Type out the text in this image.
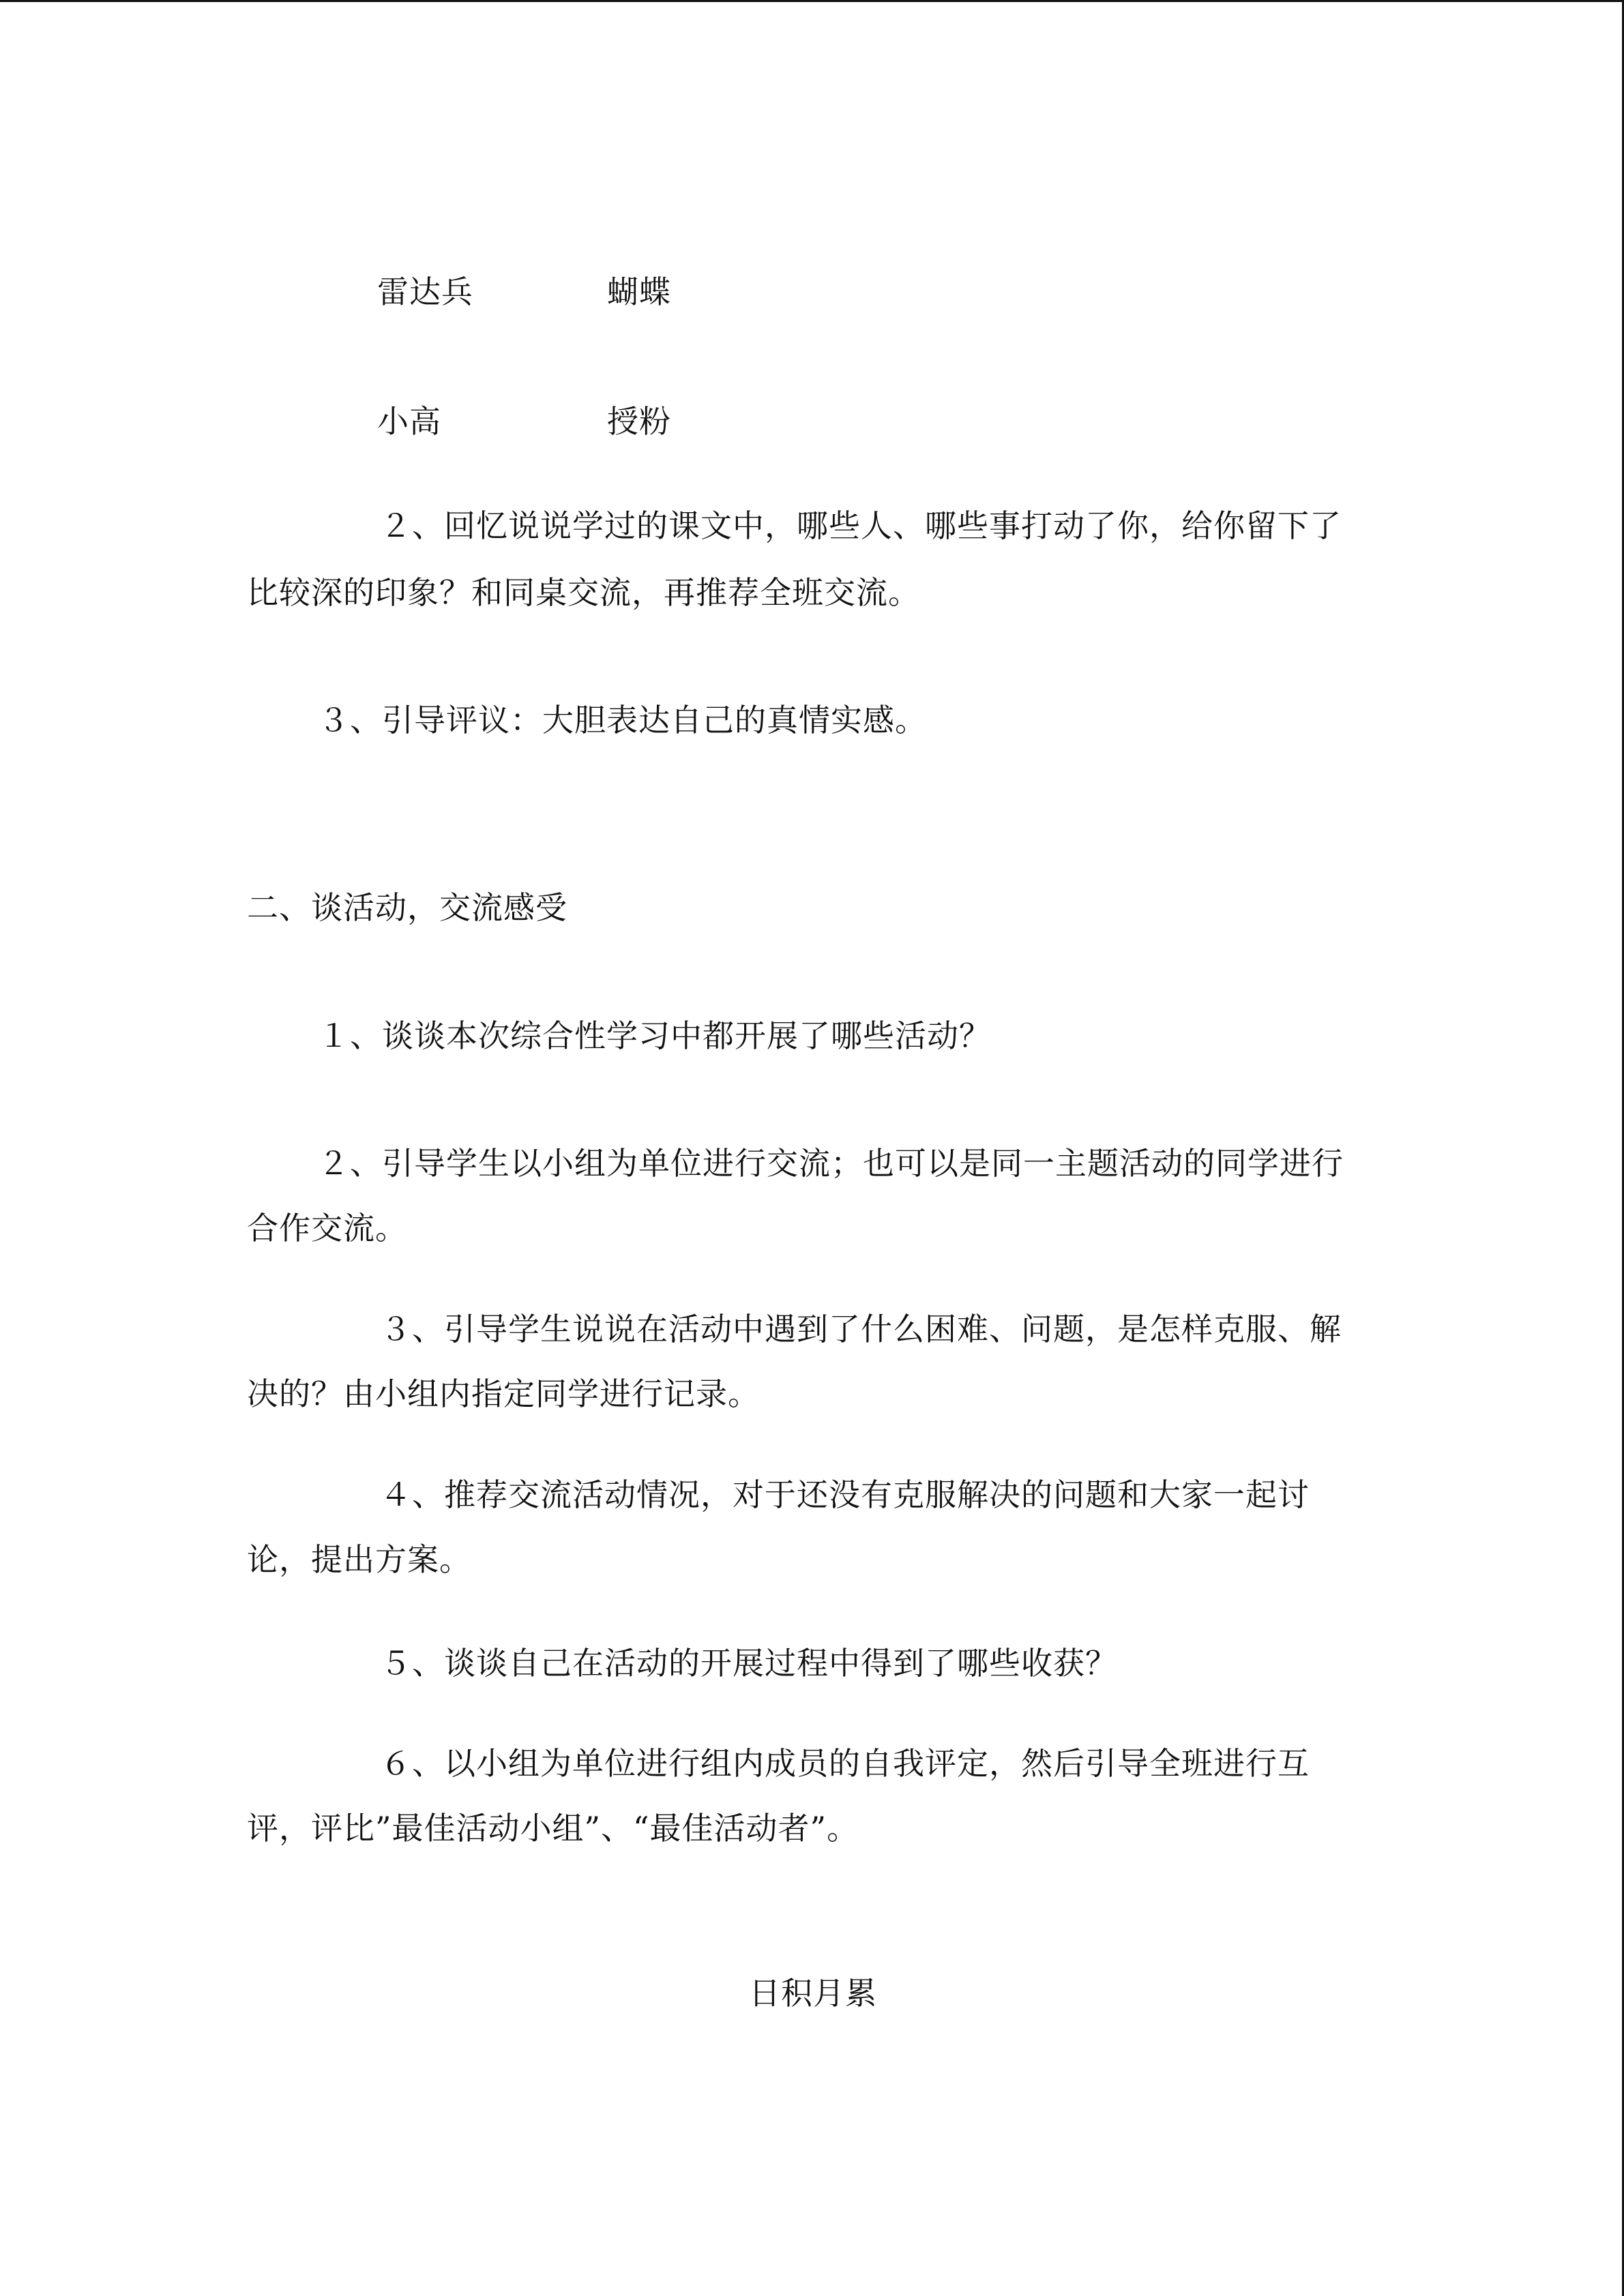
雷达兵	蝴蝶
小高	授粉
２、回忆说说学过的课文中，哪些人、哪些事打动了你，给你留下了
比较深的印象？和同桌交流，再推荐全班交流。
３、引导评议：大胆表达自己的真情实感。
二、谈活动，交流感受
１、谈谈本次综合性学习中都开展了哪些活动？
２、引导学生以小组为单位进行交流；也可以是同一主题活动的同学进行
合作交流。
３、引导学生说说在活动中遇到了什么困难、问题，是怎样克服、解
决的？由小组内指定同学进行记录。
４、推荐交流活动情况，对于还没有克服解决的问题和大家一起讨
论，提出方案。
５、谈谈自己在活动的开展过程中得到了哪些收获？
６、以小组为单位进行组内成员的自我评定，然后引导全班进行互
评，评比”最佳活动小组”、“最佳活动者”。
日积月累
